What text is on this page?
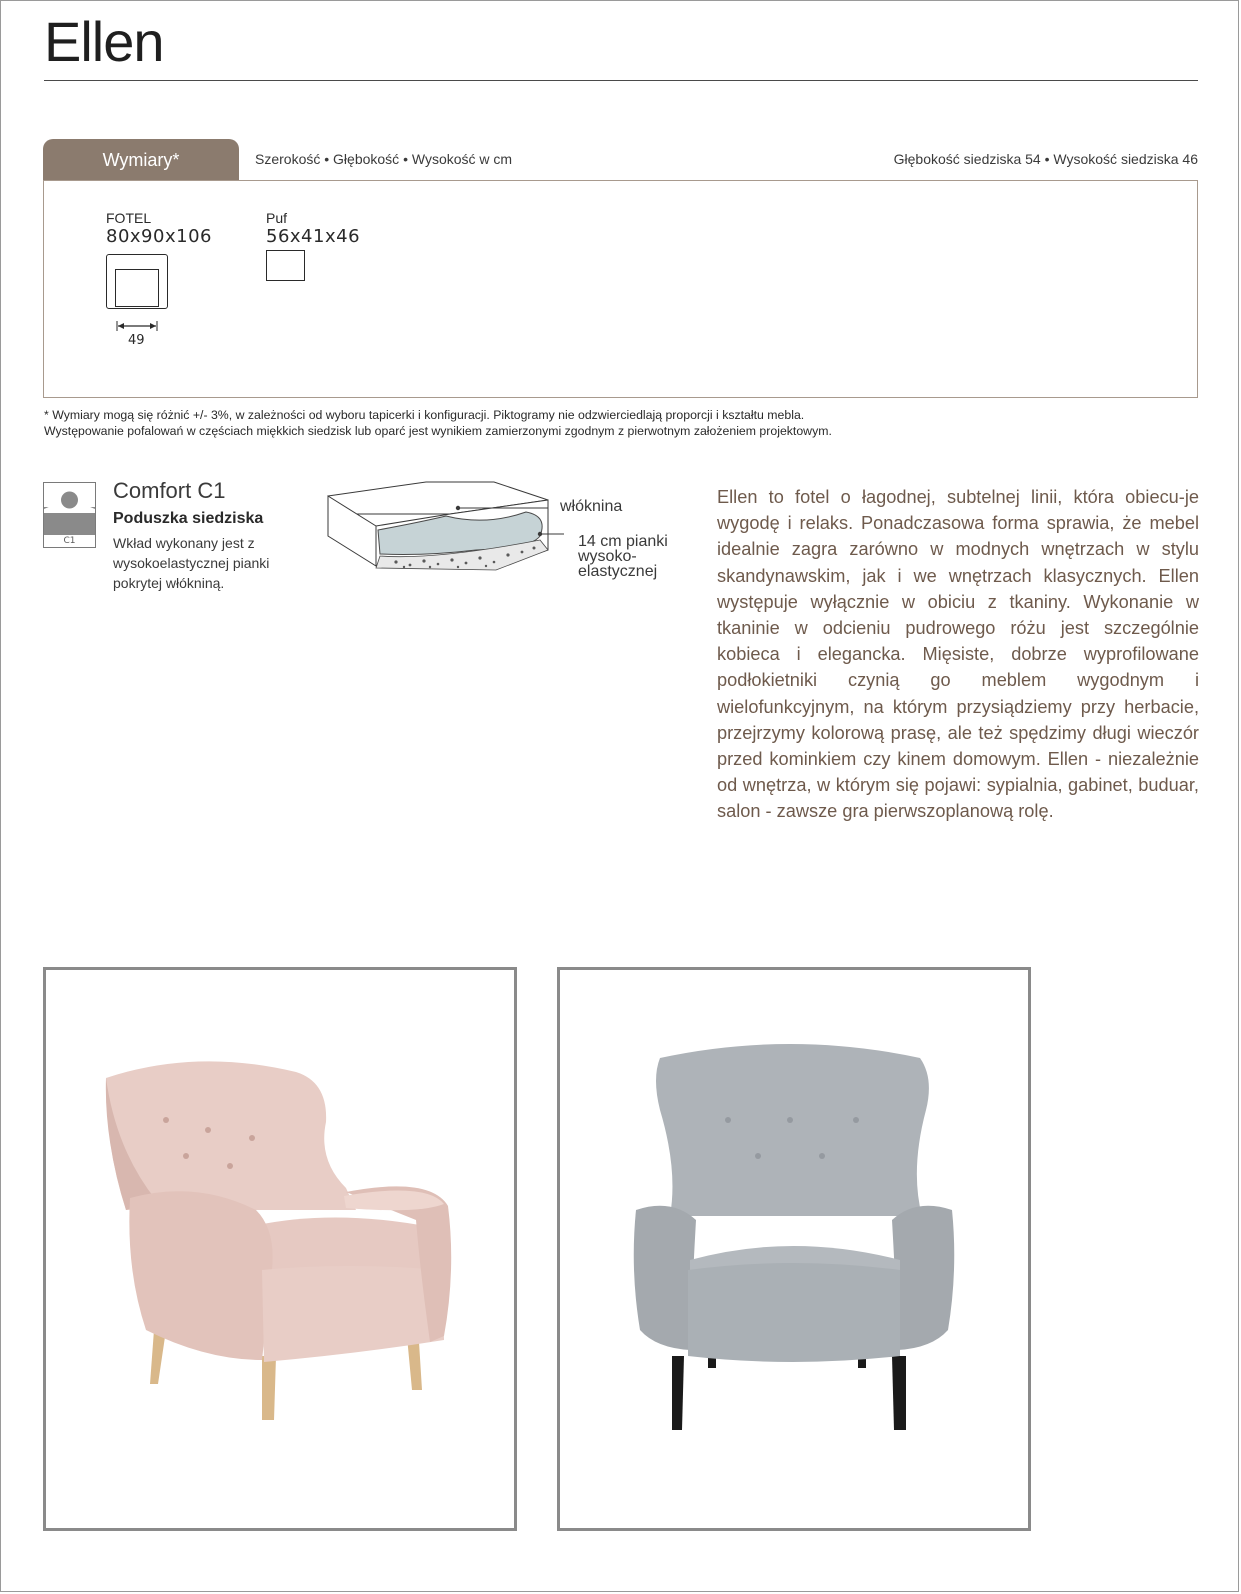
Ellen
Wymiary*	Szerokość • Głębokość • Wysokość w cm	Głębokość siedziska 54 • Wysokość siedziska 46
FOTEL
80x90x106
49
Puf
56x41x46
* Wymiary mogą się różnić +/- 3%, w zależności od wyboru tapicerki i konfiguracji. Piktogramy nie odzwierciedlają proporcji i kształtu mebla.
Występowanie pofalowań w częściach miękkich siedzisk lub oparć jest wynikiem zamierzonymi zgodnym z pierwotnym założeniem projektowym.
C1
Comfort C1
Poduszka siedziska
Wkład wykonany jest z wysokoelastycznej pianki pokrytej włókniną.
włóknina
14 cm pianki
wysoko-
elastycznej
Ellen to fotel o łagodnej, subtelnej linii, która obiecu-je wygodę i relaks. Ponadczasowa forma sprawia, że mebel idealnie zagra zarówno w modnych wnętrzach w stylu skandynawskim, jak i we wnętrzach klasycznych. Ellen występuje wyłącznie w obiciu z tkaniny. Wykonanie w tkaninie w odcieniu pudrowego różu jest szczególnie kobieca i elegancka. Mięsiste, dobrze wyprofilowane podłokietniki czynią go meblem wygodnym i wielofunkcyjnym, na którym przysiądziemy przy herbacie, przejrzymy kolorową prasę, ale też spędzimy długi wieczór przed kominkiem czy kinem domowym. Ellen - niezależnie od wnętrza, w którym się pojawi: sypialnia, gabinet, buduar, salon - zawsze gra pierwszoplanową rolę.
